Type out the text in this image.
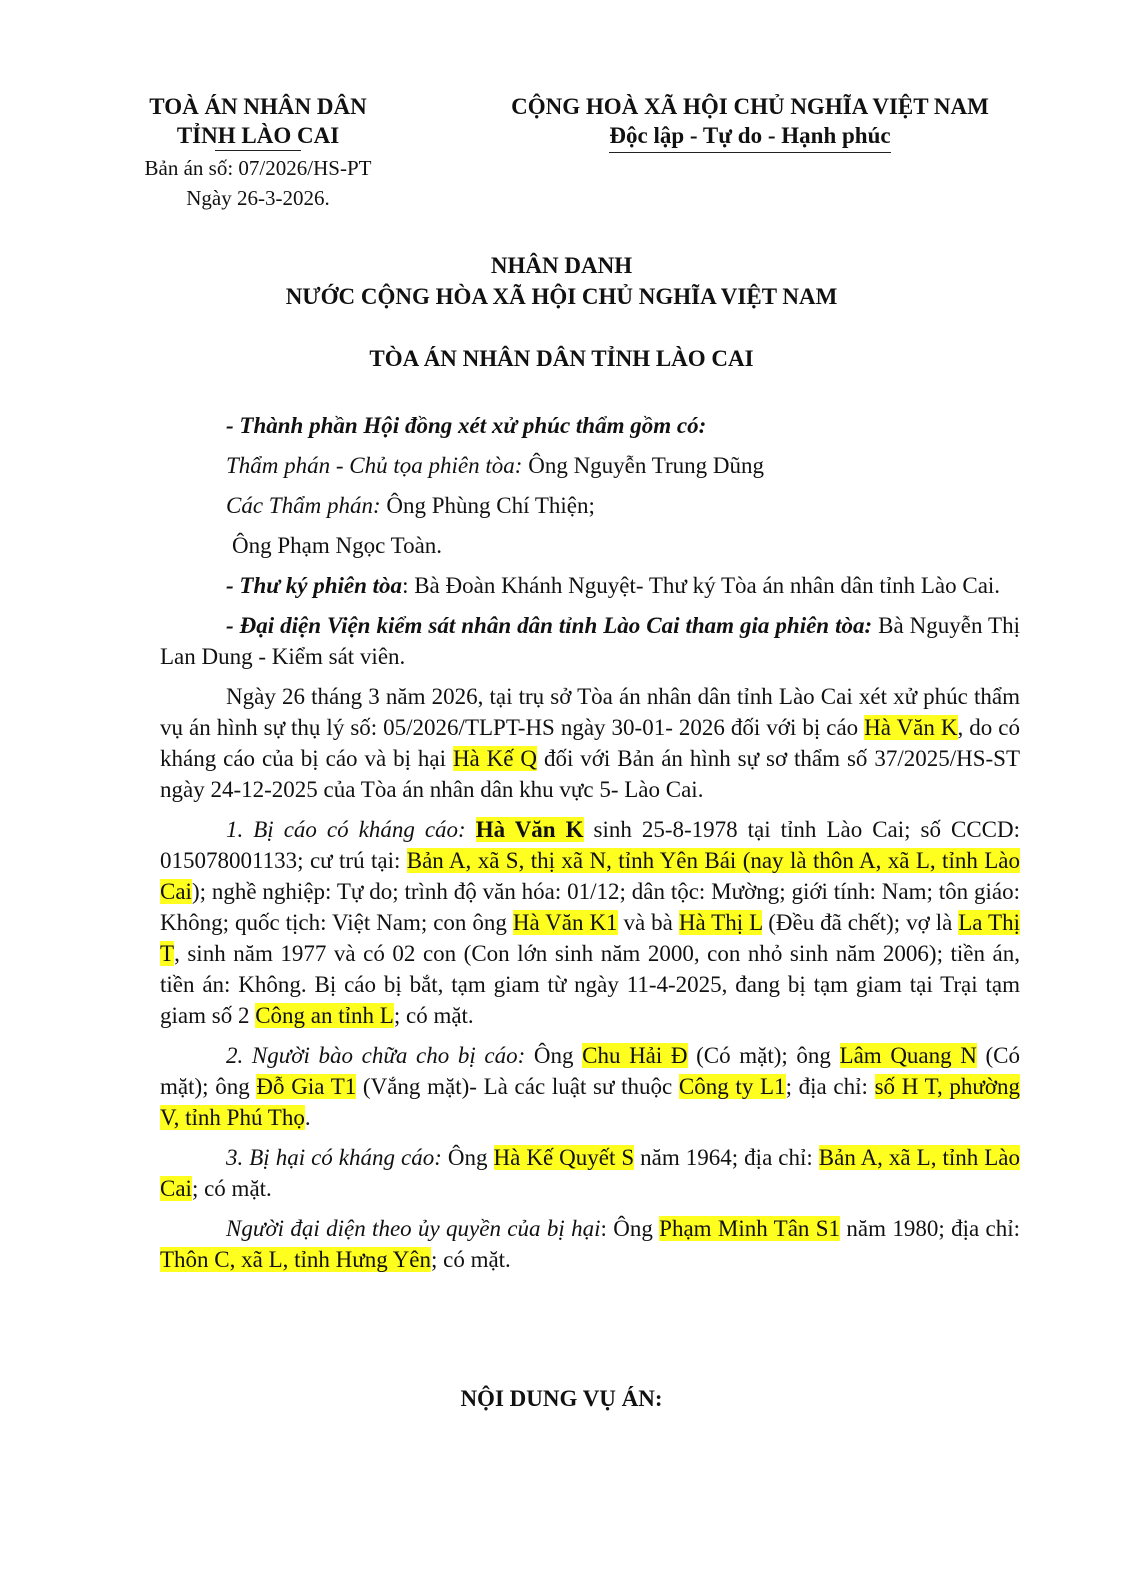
TOÀ ÁN NHÂN DÂN
TỈNH LÀO CAI
Bản án số: 07/2026/HS-PT
Ngày 26-3-2026.
CỘNG HOÀ XÃ HỘI CHỦ NGHĨA VIỆT NAM
Độc lập - Tự do - Hạnh phúc
NHÂN DANH
NƯỚC CỘNG HÒA XÃ HỘI CHỦ NGHĨA VIỆT NAM
TÒA ÁN NHÂN DÂN TỈNH LÀO CAI

- Thành phần Hội đồng xét xử phúc thẩm gồm có:

Thẩm phán - Chủ tọa phiên tòa: Ông Nguyễn Trung Dũng

Các Thẩm phán: Ông Phùng Chí Thiện;

Ông Phạm Ngọc Toàn.

- Thư ký phiên tòa: Bà Đoàn Khánh Nguyệt- Thư ký Tòa án nhân dân tỉnh Lào Cai.

- Đại diện Viện kiểm sát nhân dân tỉnh Lào Cai tham gia phiên tòa: Bà Nguyễn Thị Lan Dung - Kiểm sát viên.

Ngày 26 tháng 3 năm 2026, tại trụ sở Tòa án nhân dân tỉnh Lào Cai xét xử phúc thẩm vụ án hình sự thụ lý số: 05/2026/TLPT-HS ngày 30-01- 2026 đối với bị cáo Hà Văn K, do có kháng cáo của bị cáo và bị hại Hà Kế Q đối với Bản án hình sự sơ thẩm số 37/2025/HS-ST ngày 24-12-2025 của Tòa án nhân dân khu vực 5- Lào Cai.

1. Bị cáo có kháng cáo: Hà Văn K sinh 25-8-1978 tại tỉnh Lào Cai; số CCCD: 015078001133; cư trú tại: Bản A, xã S, thị xã N, tỉnh Yên Bái (nay là thôn A, xã L, tỉnh Lào Cai); nghề nghiệp: Tự do; trình độ văn hóa: 01/12; dân tộc: Mường; giới tính: Nam; tôn giáo: Không; quốc tịch: Việt Nam; con ông Hà Văn K1 và bà Hà Thị L (Đều đã chết); vợ là La Thị T, sinh năm 1977 và có 02 con (Con lớn sinh năm 2000, con nhỏ sinh năm 2006); tiền án, tiền án: Không. Bị cáo bị bắt, tạm giam từ ngày 11-4-2025, đang bị tạm giam tại Trại tạm giam số 2 Công an tỉnh L; có mặt.

2. Người bào chữa cho bị cáo: Ông Chu Hải Đ (Có mặt); ông Lâm Quang N (Có mặt); ông Đỗ Gia T1 (Vắng mặt)- Là các luật sư thuộc Công ty L1; địa chỉ: số H T, phường V, tỉnh Phú Thọ.

3. Bị hại có kháng cáo: Ông Hà Kế Quyết S năm 1964; địa chỉ: Bản A, xã L, tỉnh Lào Cai; có mặt.

Người đại diện theo ủy quyền của bị hại: Ông Phạm Minh Tân S1 năm 1980; địa chỉ: Thôn C, xã L, tỉnh Hưng Yên; có mặt.

NỘI DUNG VỤ ÁN:
